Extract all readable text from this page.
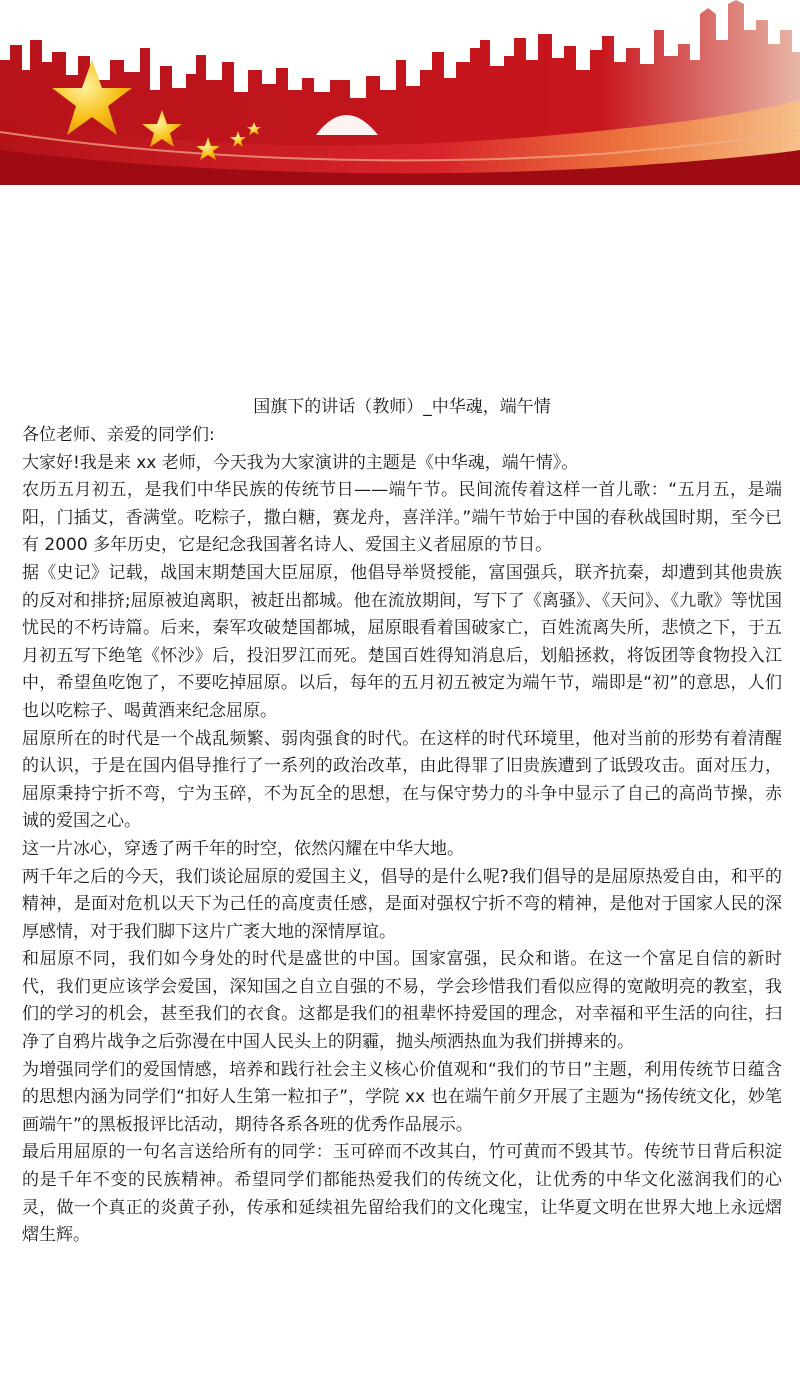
国旗下的讲话（教师）_中华魂，端午情

各位老师、亲爱的同学们:

大家好!我是来 xx 老师，今天我为大家演讲的主题是《中华魂，端午情》。

农历五月初五，是我们中华民族的传统节日——端午节。民间流传着这样一首儿歌：“五月五，是端阳，门插艾，香满堂。吃粽子，撒白糖，赛龙舟，喜洋洋。”端午节始于中国的春秋战国时期，至今已有 2000 多年历史，它是纪念我国著名诗人、爱国主义者屈原的节日。

据《史记》记载，战国末期楚国大臣屈原，他倡导举贤授能，富国强兵，联齐抗秦，却遭到其他贵族的反对和排挤;屈原被迫离职，被赶出都城。他在流放期间，写下了《离骚》、《天问》、《九歌》等忧国忧民的不朽诗篇。后来，秦军攻破楚国都城，屈原眼看着国破家亡，百姓流离失所，悲愤之下，于五月初五写下绝笔《怀沙》后，投汨罗江而死。楚国百姓得知消息后，划船拯救，将饭团等食物投入江中，希望鱼吃饱了，不要吃掉屈原。以后，每年的五月初五被定为端午节，端即是“初”的意思，人们也以吃粽子、喝黄酒来纪念屈原。

屈原所在的时代是一个战乱频繁、弱肉强食的时代。在这样的时代环境里，他对当前的形势有着清醒的认识，于是在国内倡导推行了一系列的政治改革，由此得罪了旧贵族遭到了诋毁攻击。面对压力，屈原秉持宁折不弯，宁为玉碎，不为瓦全的思想，在与保守势力的斗争中显示了自己的高尚节操，赤诚的爱国之心。

这一片冰心，穿透了两千年的时空，依然闪耀在中华大地。

两千年之后的今天，我们谈论屈原的爱国主义，倡导的是什么呢?我们倡导的是屈原热爱自由，和平的精神，是面对危机以天下为己任的高度责任感，是面对强权宁折不弯的精神，是他对于国家人民的深厚感情，对于我们脚下这片广袤大地的深情厚谊。

和屈原不同，我们如今身处的时代是盛世的中国。国家富强，民众和谐。在这一个富足自信的新时代，我们更应该学会爱国，深知国之自立自强的不易，学会珍惜我们看似应得的宽敞明亮的教室，我们的学习的机会，甚至我们的衣食。这都是我们的祖辈怀持爱国的理念，对幸福和平生活的向往，扫净了自鸦片战争之后弥漫在中国人民头上的阴霾，抛头颅洒热血为我们拼搏来的。

为增强同学们的爱国情感，培养和践行社会主义核心价值观和“我们的节日”主题，利用传统节日蕴含的思想内涵为同学们“扣好人生第一粒扣子”，学院 xx 也在端午前夕开展了主题为“扬传统文化，妙笔画端午”的黑板报评比活动，期待各系各班的优秀作品展示。

最后用屈原的一句名言送给所有的同学：玉可碎而不改其白，竹可黄而不毁其节。传统节日背后积淀的是千年不变的民族精神。希望同学们都能热爱我们的传统文化，让优秀的中华文化滋润我们的心灵，做一个真正的炎黄子孙，传承和延续祖先留给我们的文化瑰宝，让华夏文明在世界大地上永远熠熠生辉。
